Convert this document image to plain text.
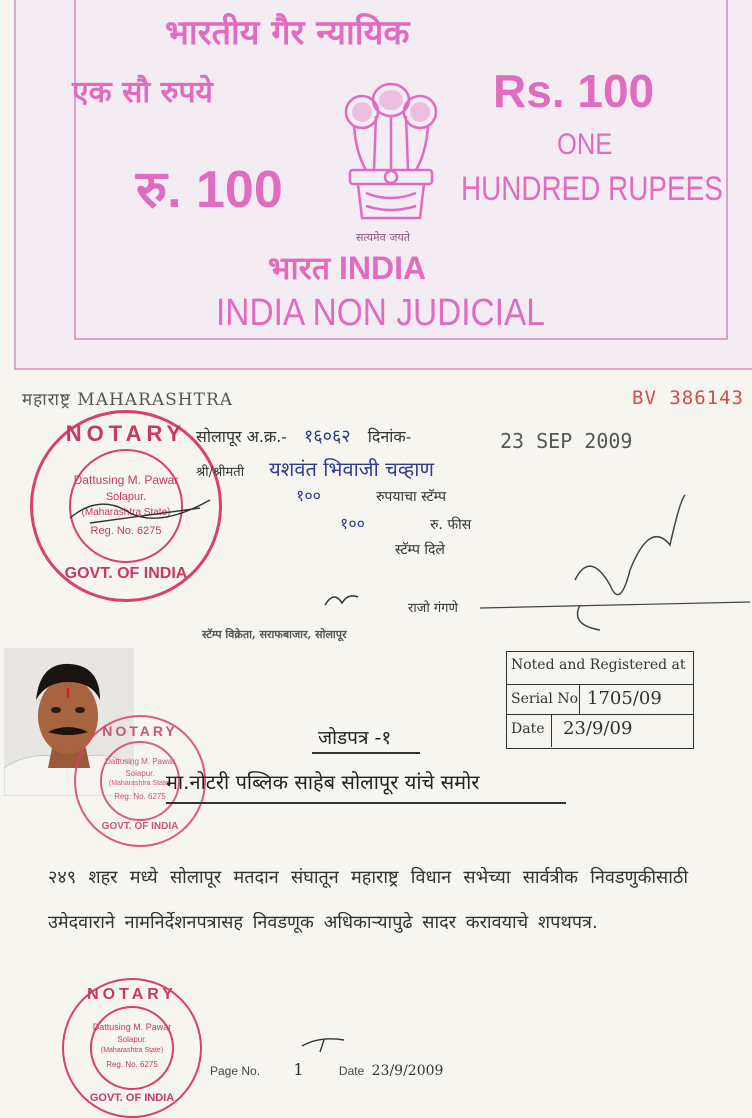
भारतीय गैर न्यायिक
एक सौ रुपये	Rs. 100
ONE
HUNDRED RUPEES
रु. 100
सत्यमेव जयते
भारत INDIA
INDIA NON JUDICIAL
महाराष्ट्र MAHARASHTRA	BV 386143
NOTARY
Dattusing M. Pawar
Solapur.
(Maharashtra State)
Reg. No. 6275
GOVT. OF INDIA
सोलापूर अ.क्र.- १६०६२ दिनांक-	23 SEP 2009
श्री/श्रीमती यशवंत भिवाजी चव्हाण
१००	रुपयाचा स्टॅम्प
१००	रु. फीस
स्टॅम्प दिले
राजो गंगणे
स्टॅम्प विक्रेता, सराफबाजार, सोलापूर
Noted and Registered at
Serial No 1705/09
Date 23/9/09
NOTARY
Dattusing M. Pawar
Solapur.
(Maharashtra State)
Reg. No. 6275
GOVT. OF INDIA
जोडपत्र -१
मा.नोटरी पब्लिक साहेब सोलापूर यांचे समोर
२४९ शहर मध्ये सोलापूर मतदान संघातून महाराष्ट्र विधान सभेच्या सार्वत्रीक निवडणुकीसाठी उमेदवाराने नामनिर्देशनपत्रासह निवडणूक अधिकाऱ्यापुढे सादर करावयाचे शपथपत्र.
NOTARY
Dattusing M. Pawar
Solapur.
(Maharashtra State)
Reg. No. 6275
GOVT. OF INDIA
Page No. 1	Date 23/9/2009
